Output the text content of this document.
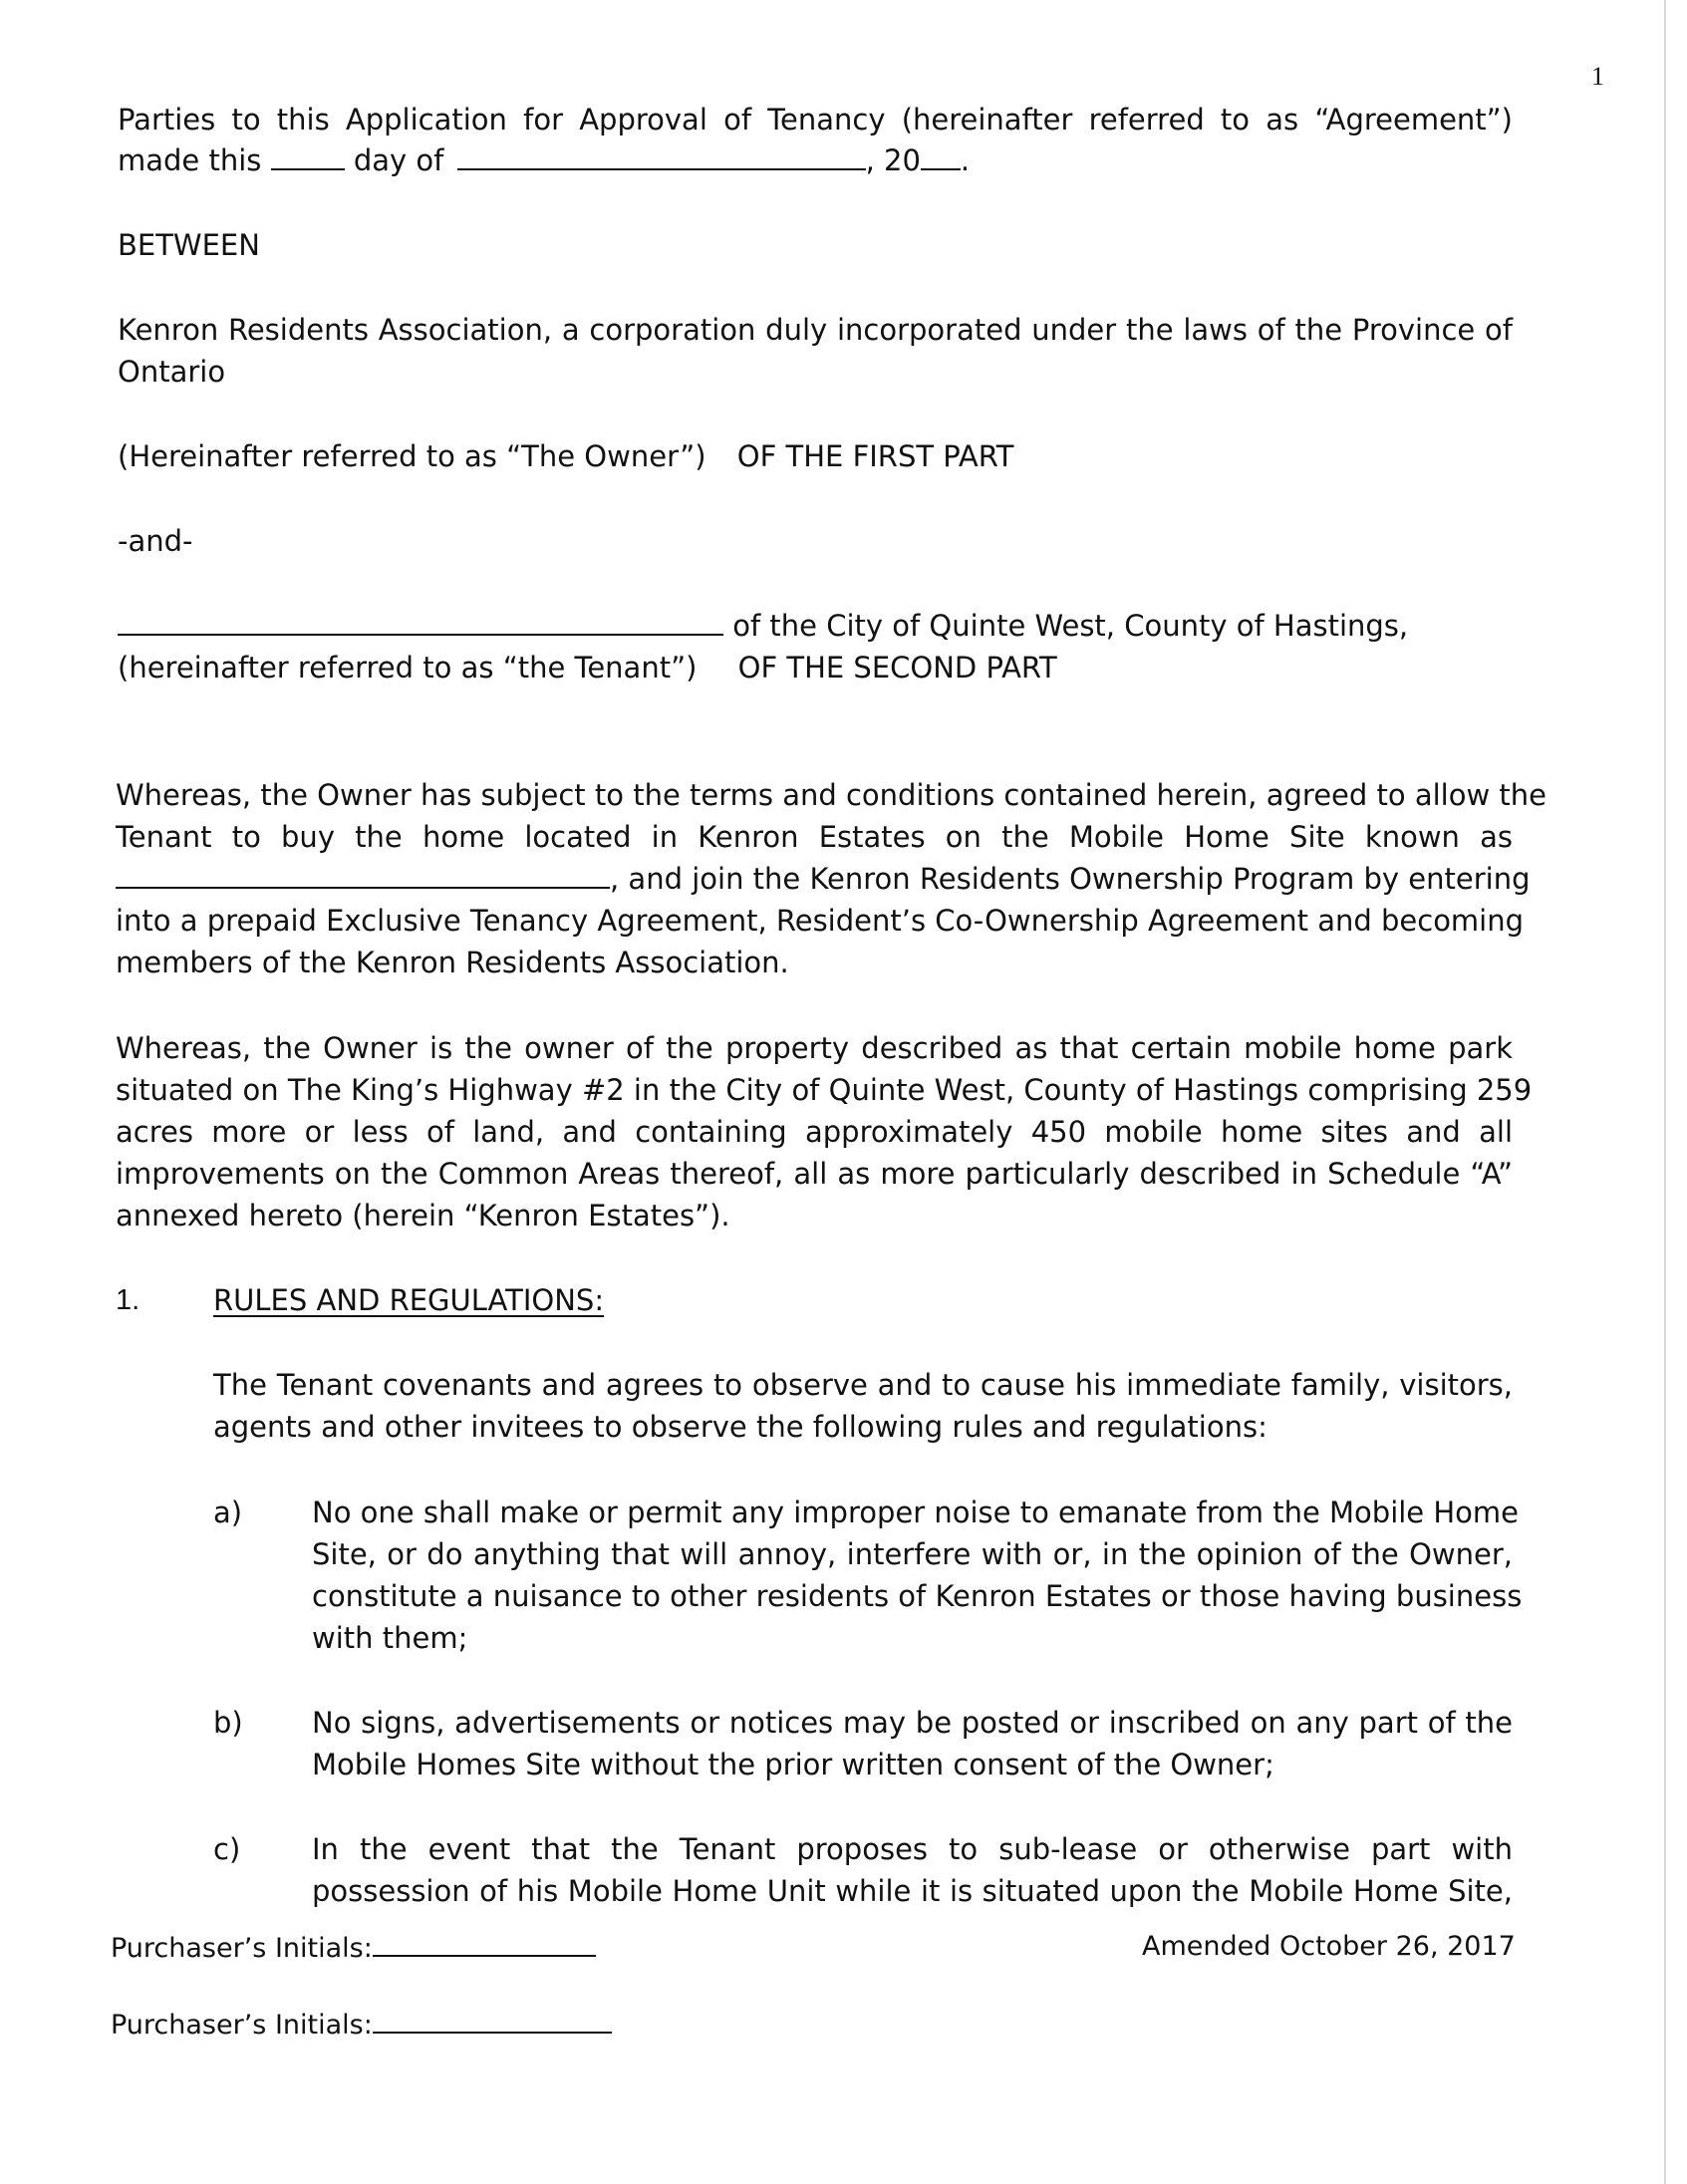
1
Parties to this Application for Approval of Tenancy (hereinafter referred to as “Agreement”)
made this	day of	, 20 .
BETWEEN
Kenron Residents Association, a corporation duly incorporated under the laws of the Province of
Ontario
(Hereinafter referred to as “The Owner”) OF THE FIRST PART
-and-
of the City of Quinte West, County of Hastings,
(hereinafter referred to as “the Tenant”) OF THE SECOND PART
Whereas, the Owner has subject to the terms and conditions contained herein, agreed to allow the
Tenant to buy the home located in Kenron Estates on the Mobile Home Site known as
, and join the Kenron Residents Ownership Program by entering
into a prepaid Exclusive Tenancy Agreement, Resident’s Co-Ownership Agreement and becoming
members of the Kenron Residents Association.
Whereas, the Owner is the owner of the property described as that certain mobile home park
situated on The King’s Highway #2 in the City of Quinte West, County of Hastings comprising 259
acres more or less of land, and containing approximately 450 mobile home sites and all
improvements on the Common Areas thereof, all as more particularly described in Schedule “A”
annexed hereto (herein “Kenron Estates”).
1.	RULES AND REGULATIONS:
The Tenant covenants and agrees to observe and to cause his immediate family, visitors,
agents and other invitees to observe the following rules and regulations:
a) No one shall make or permit any improper noise to emanate from the Mobile Home
Site, or do anything that will annoy, interfere with or, in the opinion of the Owner,
constitute a nuisance to other residents of Kenron Estates or those having business
with them;
b) No signs, advertisements or notices may be posted or inscribed on any part of the
Mobile Homes Site without the prior written consent of the Owner;
c) In the event that the Tenant proposes to sub-lease or otherwise part with
possession of his Mobile Home Unit while it is situated upon the Mobile Home Site,
Purchaser’s Initials:	Amended October 26, 2017
Purchaser’s Initials:
